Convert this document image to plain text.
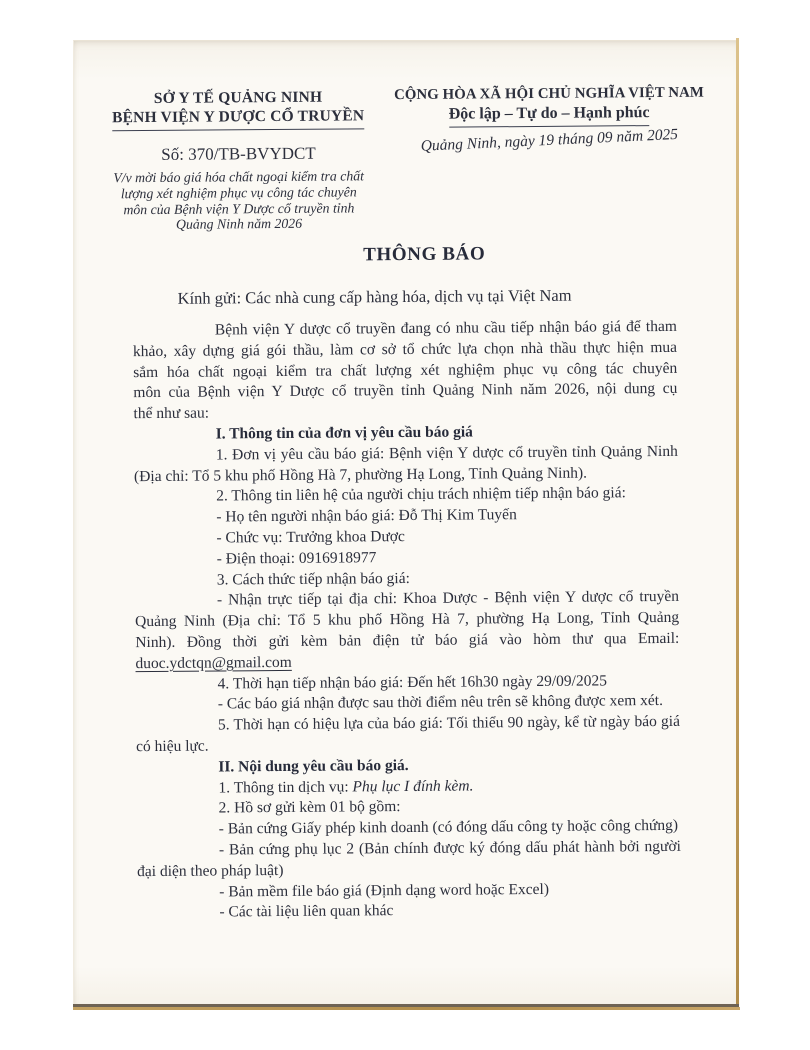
SỞ Y TẾ QUẢNG NINH
BỆNH VIỆN Y DƯỢC CỔ TRUYỀN
Số: 370/TB-BVYDCT
V/v mời báo giá hóa chất ngoại kiểm tra chất
lượng xét nghiệm phục vụ công tác chuyên
môn của Bệnh viện Y Dược cổ truyền tỉnh
Quảng Ninh năm 2026
CỘNG HÒA XÃ HỘI CHỦ NGHĨA VIỆT NAM
Độc lập – Tự do – Hạnh phúc
Quảng Ninh, ngày 19 tháng 09 năm 2025
THÔNG BÁO
Kính gửi: Các nhà cung cấp hàng hóa, dịch vụ tại Việt Nam
Bệnh viện Y dược cổ truyền đang có nhu cầu tiếp nhận báo giá để tham
khảo, xây dựng giá gói thầu, làm cơ sở tổ chức lựa chọn nhà thầu thực hiện mua
sắm hóa chất ngoại kiểm tra chất lượng xét nghiệm phục vụ công tác chuyên
môn của Bệnh viện Y Dược cổ truyền tỉnh Quảng Ninh năm 2026, nội dung cụ
thể như sau:
I. Thông tin của đơn vị yêu cầu báo giá
1. Đơn vị yêu cầu báo giá: Bệnh viện Y dược cổ truyền tỉnh Quảng Ninh
(Địa chỉ: Tổ 5 khu phố Hồng Hà 7, phường Hạ Long, Tỉnh Quảng Ninh).
2. Thông tin liên hệ của người chịu trách nhiệm tiếp nhận báo giá:
- Họ tên người nhận báo giá: Đỗ Thị Kim Tuyến
- Chức vụ: Trưởng khoa Dược
- Điện thoại: 0916918977
3. Cách thức tiếp nhận báo giá:
- Nhận trực tiếp tại địa chỉ: Khoa Dược - Bệnh viện Y dược cổ truyền
Quảng Ninh (Địa chỉ: Tổ 5 khu phố Hồng Hà 7, phường Hạ Long, Tỉnh Quảng
Ninh). Đồng thời gửi kèm bản điện tử báo giá vào hòm thư qua Email:
duoc.ydctqn@gmail.com
4. Thời hạn tiếp nhận báo giá: Đến hết 16h30 ngày 29/09/2025
- Các báo giá nhận được sau thời điểm nêu trên sẽ không được xem xét.
5. Thời hạn có hiệu lựa của báo giá: Tối thiểu 90 ngày, kể từ ngày báo giá
có hiệu lực.
II. Nội dung yêu cầu báo giá.
1. Thông tin dịch vụ: Phụ lục I đính kèm.
2. Hồ sơ gửi kèm 01 bộ gồm:
- Bản cứng Giấy phép kinh doanh (có đóng dấu công ty hoặc công chứng)
- Bản cứng phụ lục 2 (Bản chính được ký đóng dấu phát hành bởi người
đại diện theo pháp luật)
- Bản mềm file báo giá (Định dạng word hoặc Excel)
- Các tài liệu liên quan khác
